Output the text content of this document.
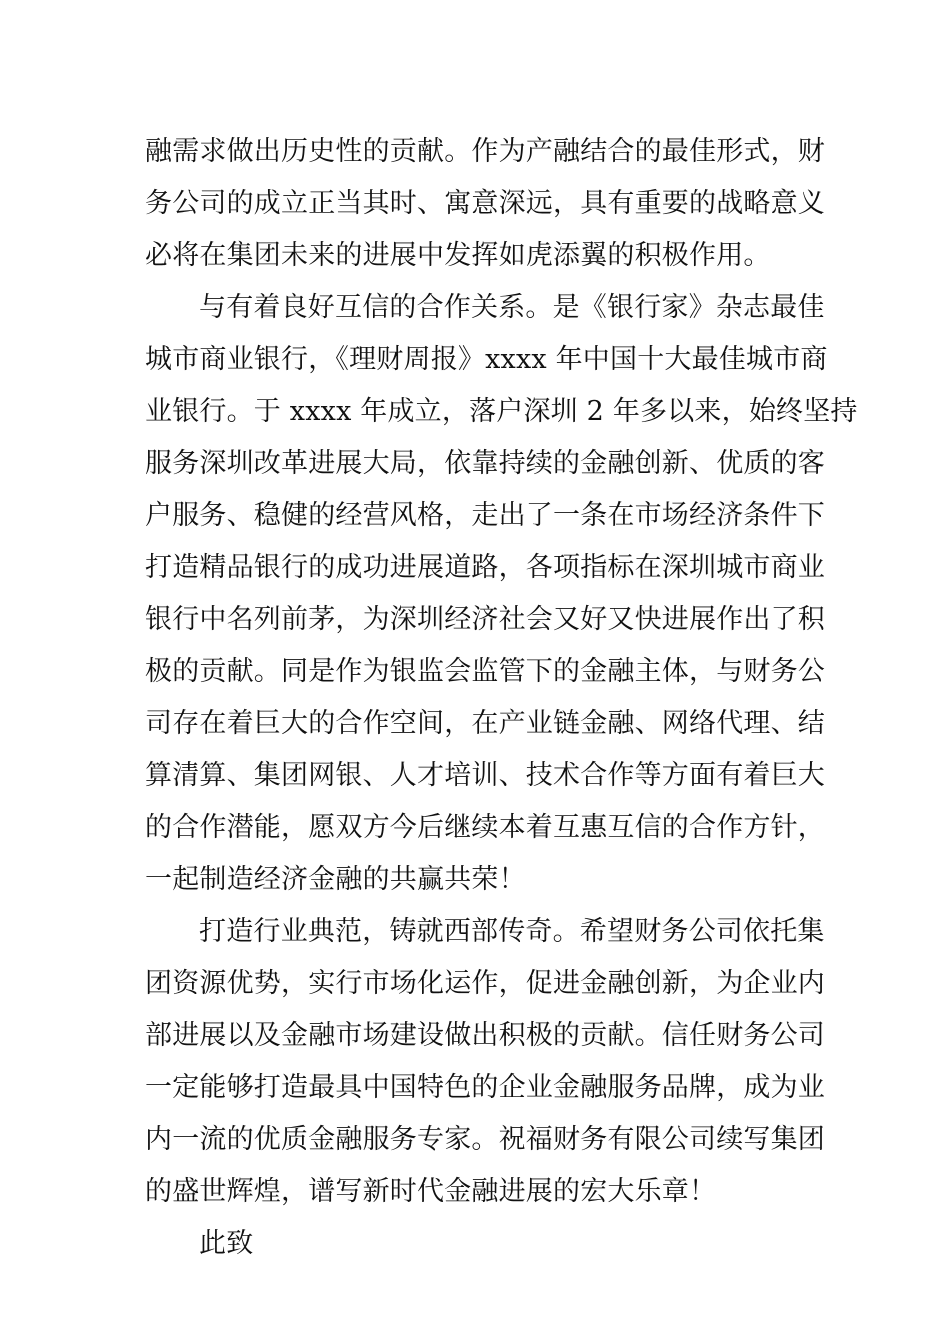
融需求做出历史性的贡献。作为产融结合的最佳形式，财
务公司的成立正当其时、寓意深远，具有重要的战略意义
必将在集团未来的进展中发挥如虎添翼的积极作用。
与有着良好互信的合作关系。是《银行家》杂志最佳
城市商业银行，《理财周报》xxxx 年中国十大最佳城市商
业银行。于 xxxx 年成立，落户深圳 2 年多以来，始终坚持
服务深圳改革进展大局，依靠持续的金融创新、优质的客
户服务、稳健的经营风格，走出了一条在市场经济条件下
打造精品银行的成功进展道路，各项指标在深圳城市商业
银行中名列前茅，为深圳经济社会又好又快进展作出了积
极的贡献。同是作为银监会监管下的金融主体，与财务公
司存在着巨大的合作空间，在产业链金融、网络代理、结
算清算、集团网银、人才培训、技术合作等方面有着巨大
的合作潜能，愿双方今后继续本着互惠互信的合作方针，
一起制造经济金融的共赢共荣！
打造行业典范，铸就西部传奇。希望财务公司依托集
团资源优势，实行市场化运作，促进金融创新，为企业内
部进展以及金融市场建设做出积极的贡献。信任财务公司
一定能够打造最具中国特色的企业金融服务品牌，成为业
内一流的优质金融服务专家。祝福财务有限公司续写集团
的盛世辉煌，谱写新时代金融进展的宏大乐章！
此致
